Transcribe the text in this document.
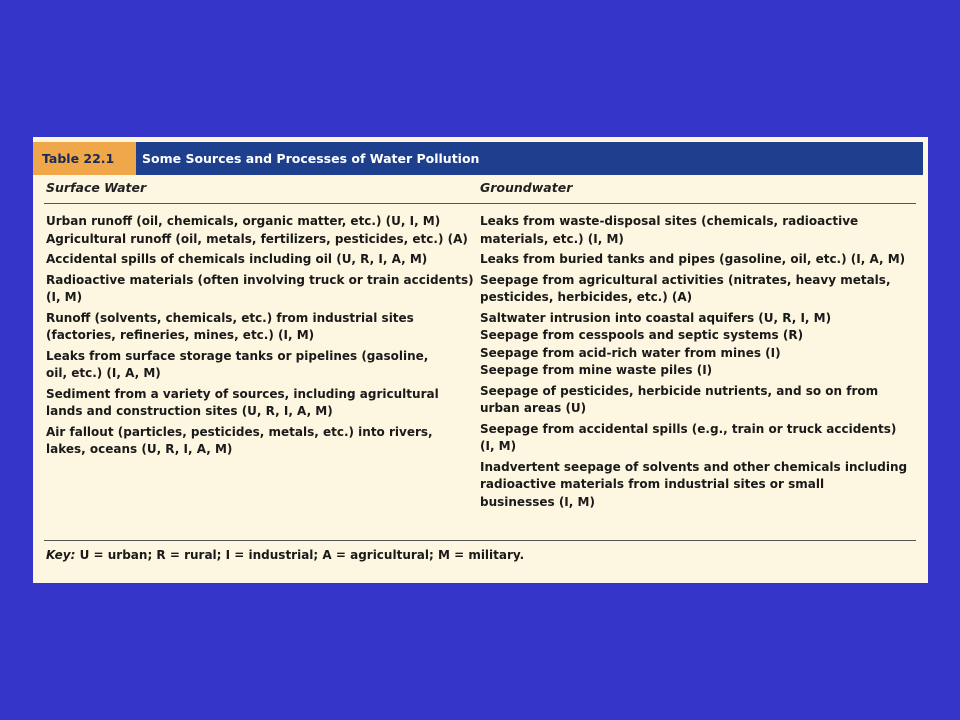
Table 22.1	Some Sources and Processes of Water Pollution
Surface Water	Groundwater
Urban runoff (oil, chemicals, organic matter, etc.) (U, I, M)
Agricultural runoff (oil, metals, fertilizers, pesticides, etc.) (A)
Accidental spills of chemicals including oil (U, R, I, A, M)
Radioactive materials (often involving truck or train accidents)
(I, M)
Runoff (solvents, chemicals, etc.) from industrial sites
(factories, refineries, mines, etc.) (I, M)
Leaks from surface storage tanks or pipelines (gasoline,
oil, etc.) (I, A, M)
Sediment from a variety of sources, including agricultural
lands and construction sites (U, R, I, A, M)
Air fallout (particles, pesticides, metals, etc.) into rivers,
lakes, oceans (U, R, I, A, M)
Leaks from waste-disposal sites (chemicals, radioactive
materials, etc.) (I, M)
Leaks from buried tanks and pipes (gasoline, oil, etc.) (I, A, M)
Seepage from agricultural activities (nitrates, heavy metals,
pesticides, herbicides, etc.) (A)
Saltwater intrusion into coastal aquifers (U, R, I, M)
Seepage from cesspools and septic systems (R)
Seepage from acid-rich water from mines (I)
Seepage from mine waste piles (I)
Seepage of pesticides, herbicide nutrients, and so on from
urban areas (U)
Seepage from accidental spills (e.g., train or truck accidents)
(I, M)
Inadvertent seepage of solvents and other chemicals including
radioactive materials from industrial sites or small
businesses (I, M)
Key: U = urban; R = rural; I = industrial; A = agricultural; M = military.
